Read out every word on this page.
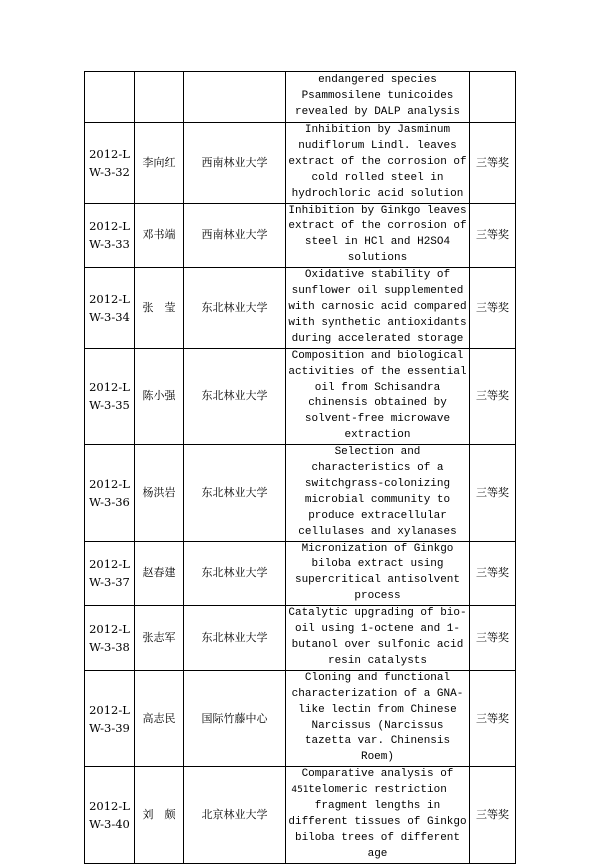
			endangered species Psammosilene tunicoides revealed by DALP analysis	
2012-LW-3-32	李向红	西南林业大学	Inhibition by Jasminum nudiflorum Lindl. leaves extract of the corrosion of cold rolled steel in hydrochloric acid solution	三等奖
2012-LW-3-33	邓书端	西南林业大学	Inhibition by Ginkgo leaves extract of the corrosion of steel in HCl and H2SO4 solutions	三等奖
2012-LW-3-34	张　莹	东北林业大学	Oxidative stability of sunflower oil supplemented with carnosic acid compared with synthetic antioxidants during accelerated storage	三等奖
2012-LW-3-35	陈小强	东北林业大学	Composition and biological activities of the essential oil from Schisandra chinensis obtained by solvent-free microwave extraction	三等奖
2012-LW-3-36	杨洪岩	东北林业大学	Selection and characteristics of a switchgrass-colonizing microbial community to produce extracellular cellulases and xylanases	三等奖
2012-LW-3-37	赵春建	东北林业大学	Micronization of Ginkgo biloba extract using supercritical antisolvent process	三等奖
2012-LW-3-38	张志军	东北林业大学	Catalytic upgrading of bio-oil using 1-octene and 1-butanol over sulfonic acid resin catalysts	三等奖
2012-LW-3-39	高志民	国际竹藤中心	Cloning and functional characterization of a GNA-like lectin from Chinese Narcissus (Narcissus tazetta var. Chinensis Roem)	三等奖
2012-LW-3-40	刘　颇	北京林业大学	Comparative analysis of telomeric restriction fragment lengths in different tissues of Ginkgo biloba trees of different age	三等奖
451
